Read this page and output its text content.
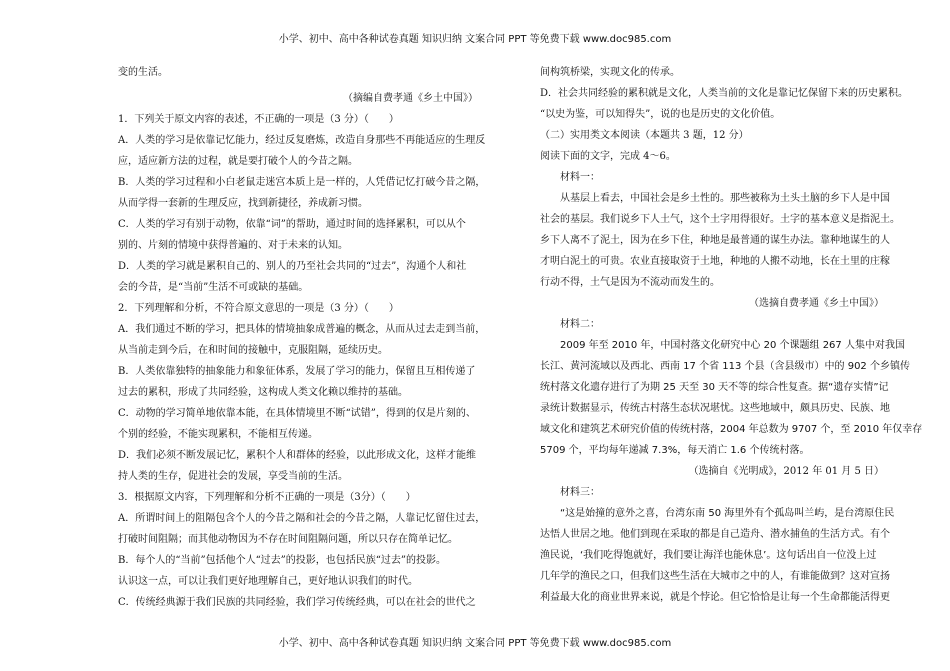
小学、初中、高中各种试卷真题 知识归纳 文案合同 PPT 等免费下载 www.doc985.com
变的生活。
（摘编自费孝通《乡土中国》）
1．下列关于原文内容的表述，不正确的一项是（3 分）（　　）
A．人类的学习是依靠记忆能力，经过反复磨炼，改造自身那些不再能适应的生理反
应，适应新方法的过程，就是要打破个人的今昔之隔。
B．人类的学习过程和小白老鼠走迷宫本质上是一样的，人凭借记忆打破今昔之隔，
从而学得一套新的生理反应，找到新捷径，养成新习惯。
C．人类的学习有别于动物，依靠“词”的帮助，通过时间的选择累积，可以从个
别的、片刻的情境中获得普遍的、对于未来的认知。
D．人类的学习就是累积自己的、别人的乃至社会共同的“过去”，沟通个人和社
会的今昔，是“当前”生活不可或缺的基础。
2．下列理解和分析，不符合原文意思的一项是（3 分）（　　）
A．我们通过不断的学习，把具体的情境抽象成普遍的概念，从而从过去走到当前，
从当前走到今后，在和时间的接触中，克服阻隔，延续历史。
B．人类依靠独特的抽象能力和象征体系，发展了学习的能力，保留且互相传递了
过去的累积，形成了共同经验，这构成人类文化赖以维持的基础。
C．动物的学习简单地依靠本能，在具体情境里不断“试错”，得到的仅是片刻的、
个别的经验，不能实现累积，不能相互传递。
D．我们必须不断发展记忆，累积个人和群体的经验，以此形成文化，这样才能维
持人类的生存，促进社会的发展，享受当前的生活。
3．根据原文内容，下列理解和分析不正确的一项是（3分）（　　）
A．所谓时间上的阻隔包含个人的今昔之隔和社会的今昔之隔，人靠记忆留住过去，
打破时间阻隔；而其他动物因为不存在时间阻隔问题，所以只存在简单记忆。
B．每个人的“当前”包括他个人“过去”的投影，也包括民族“过去”的投影。
认识这一点，可以让我们更好地理解自己，更好地认识我们的时代。
C．传统经典源于我们民族的共同经验，我们学习传统经典，可以在社会的世代之
间构筑桥梁，实现文化的传承。
D．社会共同经验的累积就是文化，人类当前的文化是靠记忆保留下来的历史累积。
“以史为鉴，可以知得失”，说的也是历史的文化价值。
（二）实用类文本阅读（本题共 3 题，12 分）
阅读下面的文字，完成 4～6。
材料一：
从基层上看去，中国社会是乡土性的。那些被称为土头土脑的乡下人是中国
社会的基层。我们说乡下人土气，这个土字用得很好。土字的基本意义是指泥土。
乡下人离不了泥土，因为在乡下住，种地是最普通的谋生办法。靠种地谋生的人
才明白泥土的可贵。农业直接取资于土地，种地的人搬不动地，长在土里的庄稼
行动不得，土气是因为不流动而发生的。
（选摘自费孝通《乡土中国》）
材料二：
2009 年至 2010 年，中国村落文化研究中心 20 个课题组 267 人集中对我国
长江、黄河流域以及西北、西南 17 个省 113 个县（含县级市）中的 902 个乡镇传
统村落文化遗存进行了为期 25 天至 30 天不等的综合性复查。据“遗存实情”记
录统计数据显示，传统古村落生态状况堪忧。这些地域中，颇具历史、民族、地
域文化和建筑艺术研究价值的传统村落，2004 年总数为 9707 个，至 2010 年仅幸存
5709 个，平均每年递减 7.3%，每天消亡 1.6 个传统村落。
（选摘自《光明成》，2012 年 01 月 5 日）
材料三：
“这是始撞的意外之喜，台湾东南 50 海里外有个孤岛叫兰屿，是台湾原住民
达悟人世居之地。他们到现在采取的都是自己造舟、潜水捕鱼的生活方式。有个
渔民说，‘我们吃得饱就好，我们要让海洋也能休息’。这句话出自一位没上过
几年学的渔民之口，但我们这些生活在大城市之中的人，有谁能做到？这对宣扬
利益最大化的商业世界来说，就是个悖论。但它恰恰是让每一个生命都能活得更
小学、初中、高中各种试卷真题 知识归纳 文案合同 PPT 等免费下载 www.doc985.com
